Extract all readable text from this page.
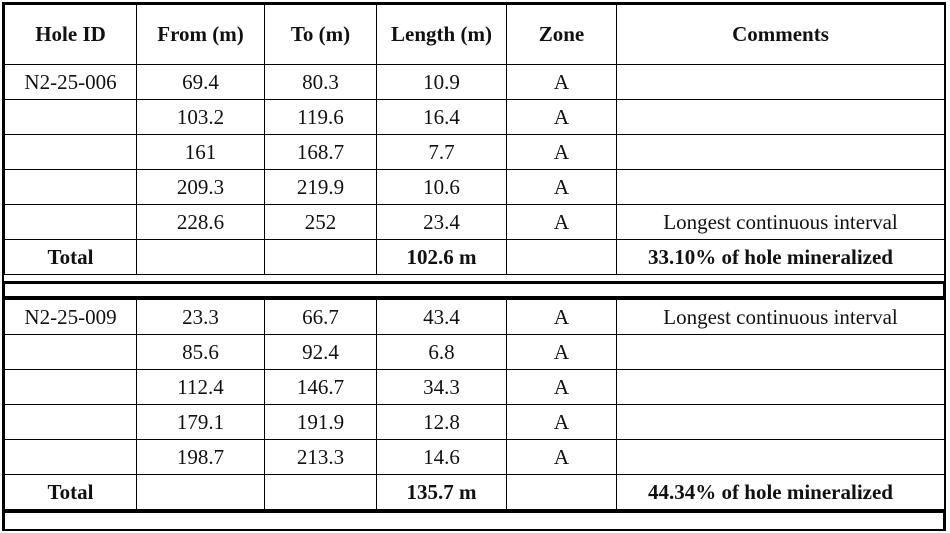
Hole ID	From (m)	To (m)	Length (m)	Zone	Comments
N2-25-006	69.4	80.3	10.9	A	
	103.2	119.6	16.4	A	
	161	168.7	7.7	A	
	209.3	219.9	10.6	A	
	228.6	252	23.4	A	Longest continuous interval
Total			102.6 m		33.10% of hole mineralized
N2-25-009	23.3	66.7	43.4	A	Longest continuous interval
	85.6	92.4	6.8	A	
	112.4	146.7	34.3	A	
	179.1	191.9	12.8	A	
	198.7	213.3	14.6	A	
Total			135.7 m		44.34% of hole mineralized
